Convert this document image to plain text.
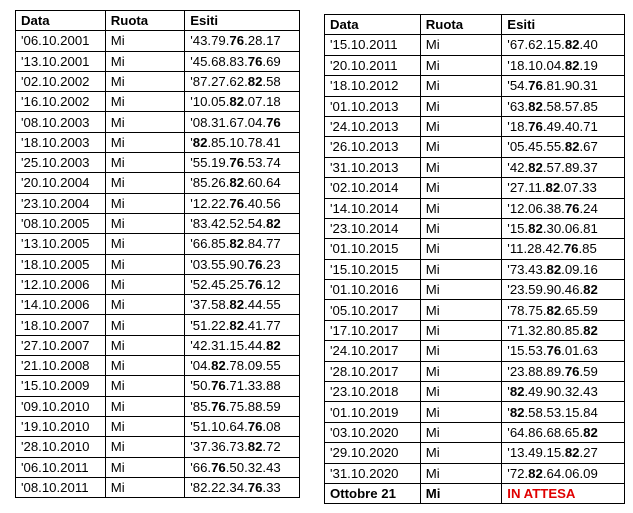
Data	Ruota	Esiti
'06.10.2001	Mi	'43.79.76.28.17
'13.10.2001	Mi	'45.68.83.76.69
'02.10.2002	Mi	'87.27.62.82.58
'16.10.2002	Mi	'10.05.82.07.18
'08.10.2003	Mi	'08.31.67.04.76
'18.10.2003	Mi	'82.85.10.78.41
'25.10.2003	Mi	'55.19.76.53.74
'20.10.2004	Mi	'85.26.82.60.64
'23.10.2004	Mi	'12.22.76.40.56
'08.10.2005	Mi	'83.42.52.54.82
'13.10.2005	Mi	'66.85.82.84.77
'18.10.2005	Mi	'03.55.90.76.23
'12.10.2006	Mi	'52.45.25.76.12
'14.10.2006	Mi	'37.58.82.44.55
'18.10.2007	Mi	'51.22.82.41.77
'27.10.2007	Mi	'42.31.15.44.82
'21.10.2008	Mi	'04.82.78.09.55
'15.10.2009	Mi	'50.76.71.33.88
'09.10.2010	Mi	'85.76.75.88.59
'19.10.2010	Mi	'51.10.64.76.08
'28.10.2010	Mi	'37.36.73.82.72
'06.10.2011	Mi	'66.76.50.32.43
'08.10.2011	Mi	'82.22.34.76.33
Data	Ruota	Esiti
'15.10.2011	Mi	'67.62.15.82.40
'20.10.2011	Mi	'18.10.04.82.19
'18.10.2012	Mi	'54.76.81.90.31
'01.10.2013	Mi	'63.82.58.57.85
'24.10.2013	Mi	'18.76.49.40.71
'26.10.2013	Mi	'05.45.55.82.67
'31.10.2013	Mi	'42.82.57.89.37
'02.10.2014	Mi	'27.11.82.07.33
'14.10.2014	Mi	'12.06.38.76.24
'23.10.2014	Mi	'15.82.30.06.81
'01.10.2015	Mi	'11.28.42.76.85
'15.10.2015	Mi	'73.43.82.09.16
'01.10.2016	Mi	'23.59.90.46.82
'05.10.2017	Mi	'78.75.82.65.59
'17.10.2017	Mi	'71.32.80.85.82
'24.10.2017	Mi	'15.53.76.01.63
'28.10.2017	Mi	'23.88.89.76.59
'23.10.2018	Mi	'82.49.90.32.43
'01.10.2019	Mi	'82.58.53.15.84
'03.10.2020	Mi	'64.86.68.65.82
'29.10.2020	Mi	'13.49.15.82.27
'31.10.2020	Mi	'72.82.64.06.09
Ottobre 21	Mi	IN ATTESA
